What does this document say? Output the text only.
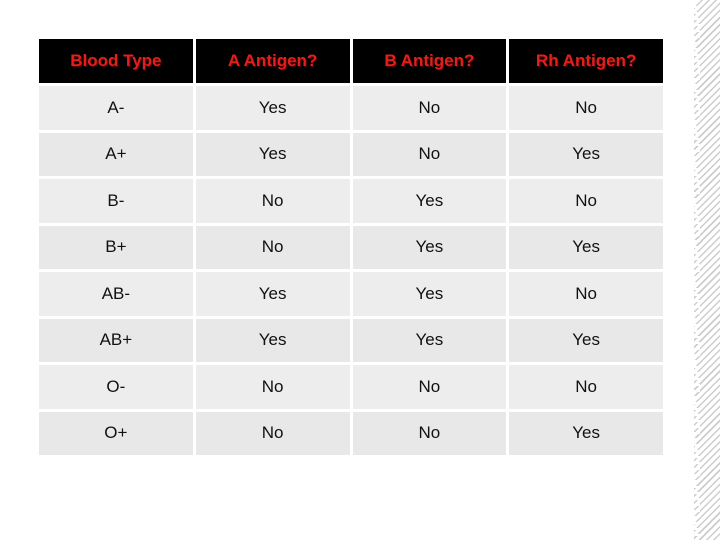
Blood Type	A Antigen?	B Antigen?	Rh Antigen?
A-	Yes	No	No
A+	Yes	No	Yes
B-	No	Yes	No
B+	No	Yes	Yes
AB-	Yes	Yes	No
AB+	Yes	Yes	Yes
O-	No	No	No
O+	No	No	Yes
